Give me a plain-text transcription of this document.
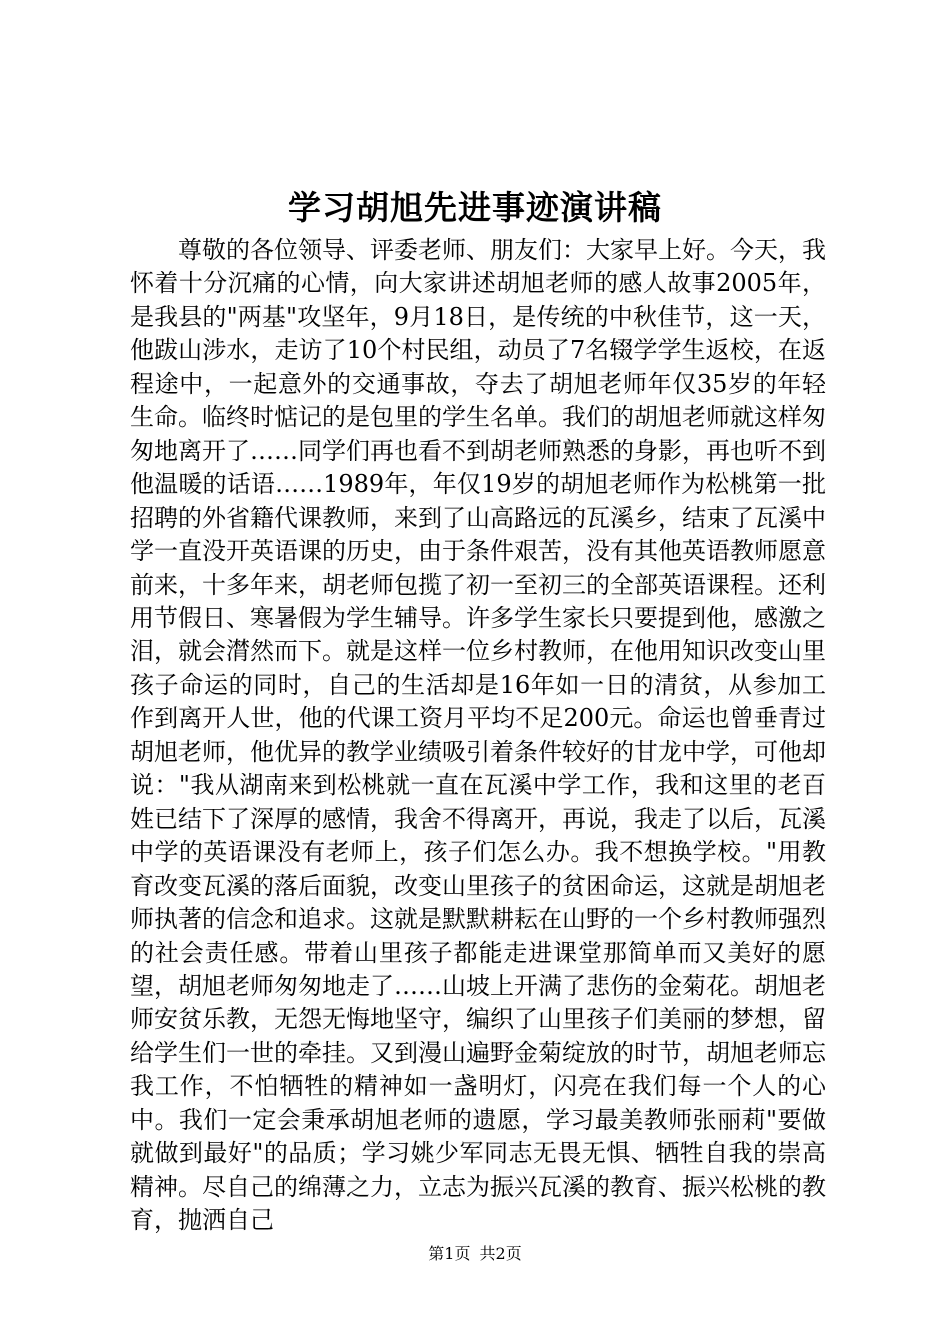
学习胡旭先进事迹演讲稿

尊敬的各位领导、评委老师、朋友们：大家早上好。今天，我怀着十分沉痛的心情，向大家讲述胡旭老师的感人故事2005年，是我县的"两基"攻坚年，9月18日，是传统的中秋佳节，这一天，他跋山涉水，走访了10个村民组，动员了7名辍学学生返校，在返程途中，一起意外的交通事故，夺去了胡旭老师年仅35岁的年轻生命。临终时惦记的是包里的学生名单。我们的胡旭老师就这样匆匆地离开了……同学们再也看不到胡老师熟悉的身影，再也听不到他温暖的话语……1989年，年仅19岁的胡旭老师作为松桃第一批招聘的外省籍代课教师，来到了山高路远的瓦溪乡，结束了瓦溪中学一直没开英语课的历史，由于条件艰苦，没有其他英语教师愿意前来，十多年来，胡老师包揽了初一至初三的全部英语课程。还利用节假日、寒暑假为学生辅导。许多学生家长只要提到他，感激之泪，就会潸然而下。就是这样一位乡村教师，在他用知识改变山里孩子命运的同时，自己的生活却是16年如一日的清贫，从参加工作到离开人世，他的代课工资月平均不足200元。命运也曾垂青过胡旭老师，他优异的教学业绩吸引着条件较好的甘龙中学，可他却说："我从湖南来到松桃就一直在瓦溪中学工作，我和这里的老百姓已结下了深厚的感情，我舍不得离开，再说，我走了以后，瓦溪中学的英语课没有老师上，孩子们怎么办。我不想换学校。"用教育改变瓦溪的落后面貌，改变山里孩子的贫困命运，这就是胡旭老师执著的信念和追求。这就是默默耕耘在山野的一个乡村教师强烈的社会责任感。带着山里孩子都能走进课堂那简单而又美好的愿望，胡旭老师匆匆地走了……山坡上开满了悲伤的金菊花。胡旭老师安贫乐教，无怨无悔地坚守，编织了山里孩子们美丽的梦想，留给学生们一世的牵挂。又到漫山遍野金菊绽放的时节，胡旭老师忘我工作，不怕牺牲的精神如一盏明灯，闪亮在我们每一个人的心中。我们一定会秉承胡旭老师的遗愿，学习最美教师张丽莉"要做就做到最好"的品质；学习姚少军同志无畏无惧、牺牲自我的崇高精神。尽自己的绵薄之力，立志为振兴瓦溪的教育、振兴松桃的教育，抛洒自己

第1页 共2页
